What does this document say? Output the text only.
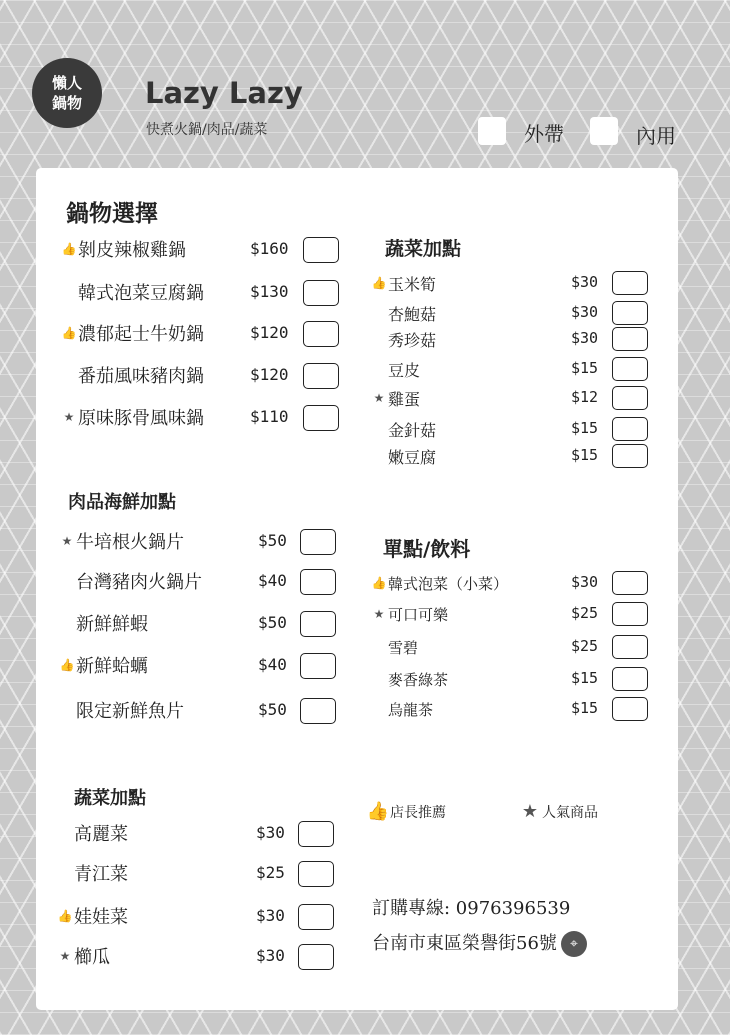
懶人
鍋物 Lazy Lazy
快煮火鍋/肉品/蔬菜	外帶	內用
鍋物選擇
肉品海鮮加點
蔬菜加點
蔬菜加點
單點/飲料
👍 剝皮辣椒雞鍋	$160
韓式泡菜豆腐鍋	$130
👍 濃郁起士牛奶鍋	$120
番茄風味豬肉鍋	$120
★ 原味豚骨風味鍋	$110
★ 牛培根火鍋片	$50
台灣豬肉火鍋片	$40
新鮮鮮蝦	$50
👍 新鮮蛤蠣	$40
限定新鮮魚片	$50
高麗菜	$30
青江菜	$25
👍 娃娃菜	$30
★ 櫛瓜	$30
👍 玉米筍	$30
杏鮑菇	$30
秀珍菇	$30
豆皮	$15
★ 雞蛋	$12
金針菇	$15
嫩豆腐	$15
👍 韓式泡菜（小菜）	$30
★ 可口可樂	$25
雪碧	$25
麥香綠茶	$15
烏龍茶	$15
👍 店長推薦	★ 人氣商品
訂購專線: 0976396539
台南市東區榮譽街56號 ⌖
